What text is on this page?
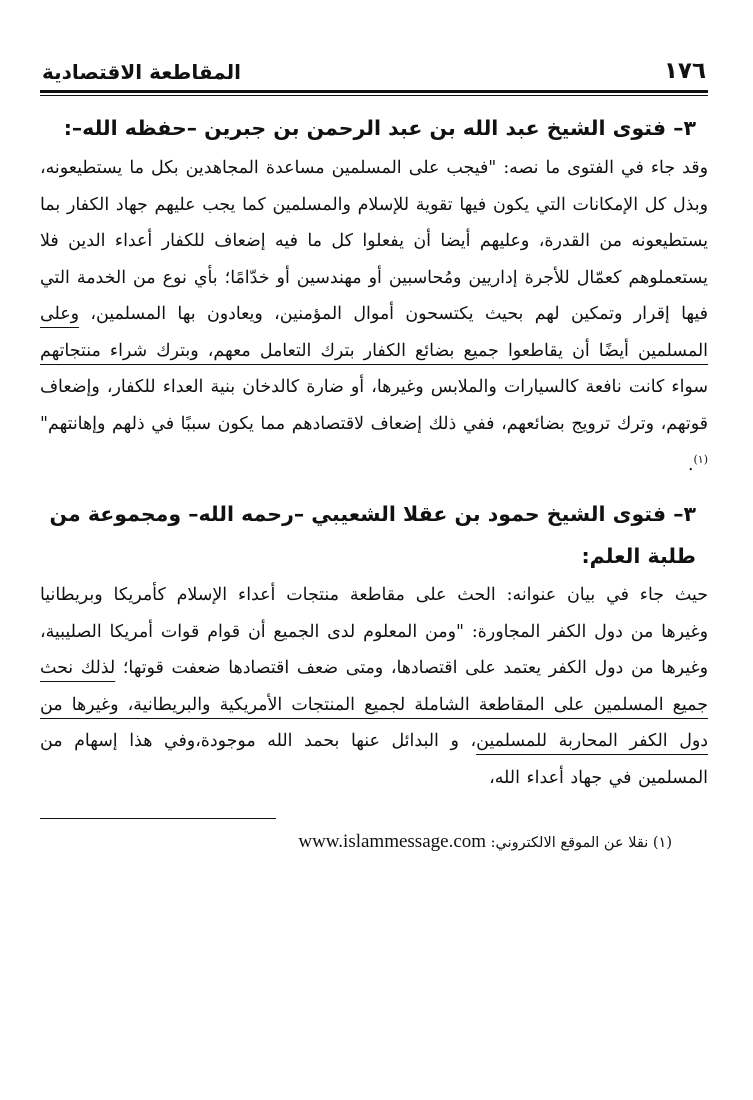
١٧٦
المقاطعة الاقتصادية
٣– فتوى الشيخ عبد الله بن عبد الرحمن بن جبرين –حفظه الله–:

وقد جاء في الفتوى ما نصه: "فيجب على المسلمين مساعدة المجاهدين بكل ما يستطيعونه، وبذل كل الإمكانات التي يكون فيها تقوية للإسلام والمسلمين كما يجب عليهم جهاد الكفار بما يستطيعونه من القدرة، وعليهم أيضا أن يفعلوا كل ما فيه إضعاف للكفار أعداء الدين فلا يستعملوهم كعمّال للأجرة إداريين ومُحاسبين أو مهندسين أو خدّامًا؛ بأي نوع من الخدمة التي فيها إقرار وتمكين لهم بحيث يكتسحون أموال المؤمنين، ويعادون بها المسلمين، وعلى المسلمين أيضًا أن يقاطعوا جميع بضائع الكفار بترك التعامل معهم، وبترك شراء منتجاتهم سواء كانت نافعة كالسيارات والملابس وغيرها، أو ضارة كالدخان بنية العداء للكفار، وإضعاف قوتهم، وترك ترويج بضائعهم، ففي ذلك إضعاف لاقتصادهم مما يكون سببًا في ذلهم وإهانتهم" $^{(١)}$.

٣– فتوى الشيخ حمود بن عقلا الشعيبي –رحمه الله– ومجموعة من طلبة العلم:

حيث جاء في بيان عنوانه: الحث على مقاطعة منتجات أعداء الإسلام كأمريكا وبريطانيا وغيرها من دول الكفر المجاورة: "ومن المعلوم لدى الجميع أن قوام قوات أمريكا الصليبية، وغيرها من دول الكفر يعتمد على اقتصادها، ومتى ضعف اقتصادها ضعفت قوتها؛ لذلك نحث جميع المسلمين على المقاطعة الشاملة لجميع المنتجات الأمريكية والبريطانية، وغيرها من دول الكفر المحاربة للمسلمين، و البدائل عنها بحمد الله موجودة،وفي هذا إسهام من المسلمين في جهاد أعداء الله،

(١) نقلا عن الموقع الالكتروني: www.islammessage.com
